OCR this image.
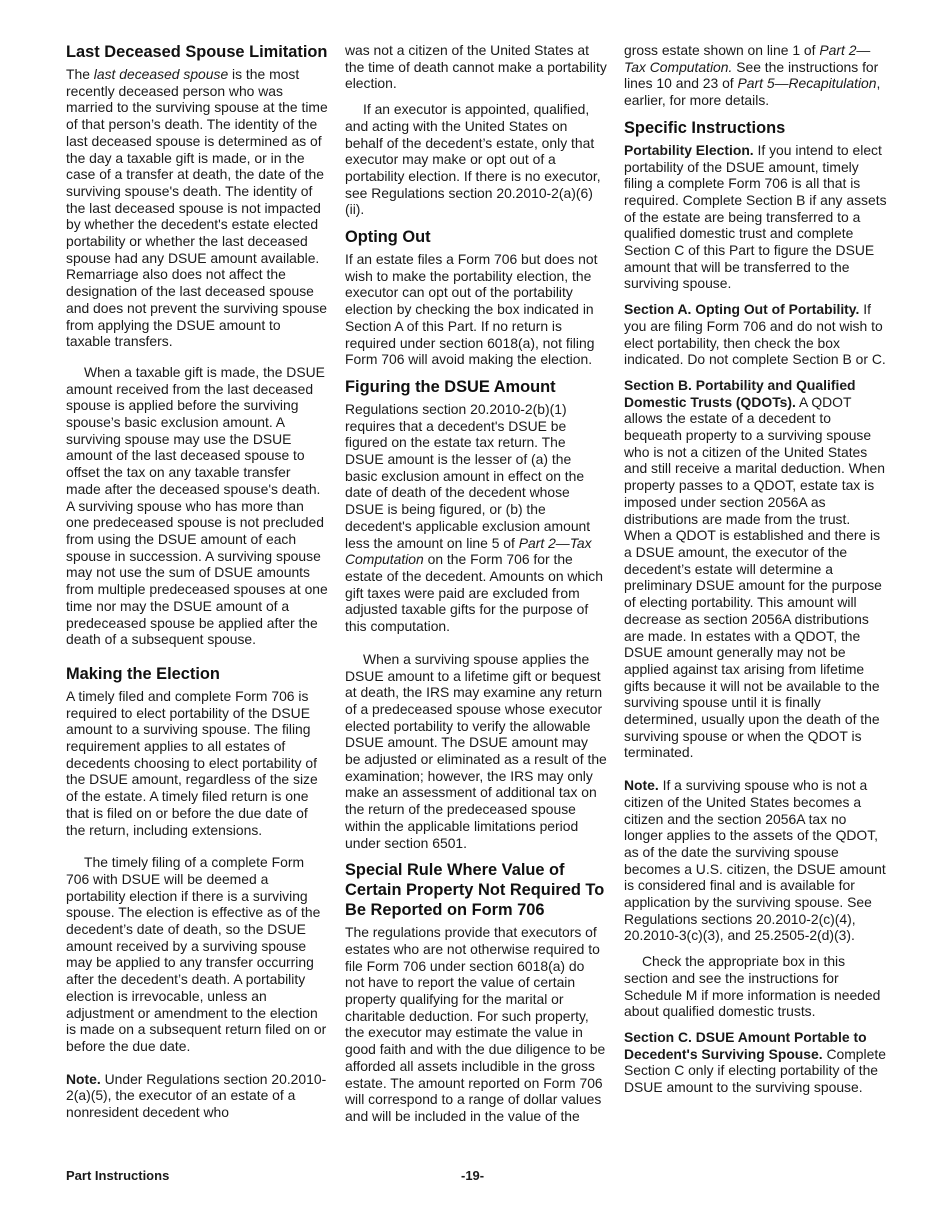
Last Deceased Spouse Limitation

The last deceased spouse is the most recently deceased person who was married to the surviving spouse at the time of that person’s death. The identity of the last deceased spouse is determined as of the day a taxable gift is made, or in the case of a transfer at death, the date of the surviving spouse's death. The identity of the last deceased spouse is not impacted by whether the decedent's estate elected portability or whether the last deceased spouse had any DSUE amount available. Remarriage also does not affect the designation of the last deceased spouse and does not prevent the surviving spouse from applying the DSUE amount to taxable transfers.

When a taxable gift is made, the DSUE amount received from the last deceased spouse is applied before the surviving spouse’s basic exclusion amount. A surviving spouse may use the DSUE amount of the last deceased spouse to offset the tax on any taxable transfer made after the deceased spouse's death. A surviving spouse who has more than one predeceased spouse is not precluded from using the DSUE amount of each spouse in succession. A surviving spouse may not use the sum of DSUE amounts from multiple predeceased spouses at one time nor may the DSUE amount of a predeceased spouse be applied after the death of a subsequent spouse.

Making the Election

A timely filed and complete Form 706 is required to elect portability of the DSUE amount to a surviving spouse. The filing requirement applies to all estates of decedents choosing to elect portability of the DSUE amount, regardless of the size of the estate. A timely filed return is one that is filed on or before the due date of the return, including extensions.

The timely filing of a complete Form 706 with DSUE will be deemed a portability election if there is a surviving spouse. The election is effective as of the decedent’s date of death, so the DSUE amount received by a surviving spouse may be applied to any transfer occurring after the decedent’s death. A portability election is irrevocable, unless an adjustment or amendment to the election is made on a subsequent return filed on or before the due date.

Note. Under Regulations section 20.2010-2(a)(5), the executor of an estate of a nonresident decedent who

was not a citizen of the United States at the time of death cannot make a portability election.

If an executor is appointed, qualified, and acting with the United States on behalf of the decedent’s estate, only that executor may make or opt out of a portability election. If there is no executor, see Regulations section 20.2010-2(a)(6)(ii).

Opting Out

If an estate files a Form 706 but does not wish to make the portability election, the executor can opt out of the portability election by checking the box indicated in Section A of this Part. If no return is required under section 6018(a), not filing Form 706 will avoid making the election.

Figuring the DSUE Amount

Regulations section 20.2010-2(b)(1) requires that a decedent's DSUE be figured on the estate tax return. The DSUE amount is the lesser of (a) the basic exclusion amount in effect on the date of death of the decedent whose DSUE is being figured, or (b) the decedent's applicable exclusion amount less the amount on line 5 of Part 2—Tax Computation on the Form 706 for the estate of the decedent. Amounts on which gift taxes were paid are excluded from adjusted taxable gifts for the purpose of this computation.

When a surviving spouse applies the DSUE amount to a lifetime gift or bequest at death, the IRS may examine any return of a predeceased spouse whose executor elected portability to verify the allowable DSUE amount. The DSUE amount may be adjusted or eliminated as a result of the examination; however, the IRS may only make an assessment of additional tax on the return of the predeceased spouse within the applicable limitations period under section 6501.

Special Rule Where Value of Certain Property Not Required To Be Reported on Form 706

The regulations provide that executors of estates who are not otherwise required to file Form 706 under section 6018(a) do not have to report the value of certain property qualifying for the marital or charitable deduction. For such property, the executor may estimate the value in good faith and with the due diligence to be afforded all assets includible in the gross estate. The amount reported on Form 706 will correspond to a range of dollar values and will be included in the value of the

gross estate shown on line 1 of Part 2—Tax Computation. See the instructions for lines 10 and 23 of Part 5—Recapitulation, earlier, for more details.

Specific Instructions

Portability Election. If you intend to elect portability of the DSUE amount, timely filing a complete Form 706 is all that is required. Complete Section B if any assets of the estate are being transferred to a qualified domestic trust and complete Section C of this Part to figure the DSUE amount that will be transferred to the surviving spouse.

Section A. Opting Out of Portability. If you are filing Form 706 and do not wish to elect portability, then check the box indicated. Do not complete Section B or C.

Section B. Portability and Qualified Domestic Trusts (QDOTs). A QDOT allows the estate of a decedent to bequeath property to a surviving spouse who is not a citizen of the United States and still receive a marital deduction. When property passes to a QDOT, estate tax is imposed under section 2056A as distributions are made from the trust. When a QDOT is established and there is a DSUE amount, the executor of the decedent’s estate will determine a preliminary DSUE amount for the purpose of electing portability. This amount will decrease as section 2056A distributions are made. In estates with a QDOT, the DSUE amount generally may not be applied against tax arising from lifetime gifts because it will not be available to the surviving spouse until it is finally determined, usually upon the death of the surviving spouse or when the QDOT is terminated.

Note. If a surviving spouse who is not a citizen of the United States becomes a citizen and the section 2056A tax no longer applies to the assets of the QDOT, as of the date the surviving spouse becomes a U.S. citizen, the DSUE amount is considered final and is available for application by the surviving spouse. See Regulations sections 20.2010-2(c)(4), 20.2010-3(c)(3), and 25.2505-2(d)(3).

Check the appropriate box in this section and see the instructions for Schedule M if more information is needed about qualified domestic trusts.

Section C. DSUE Amount Portable to Decedent's Surviving Spouse. Complete Section C only if electing portability of the DSUE amount to the surviving spouse.

Part Instructions	-19-
